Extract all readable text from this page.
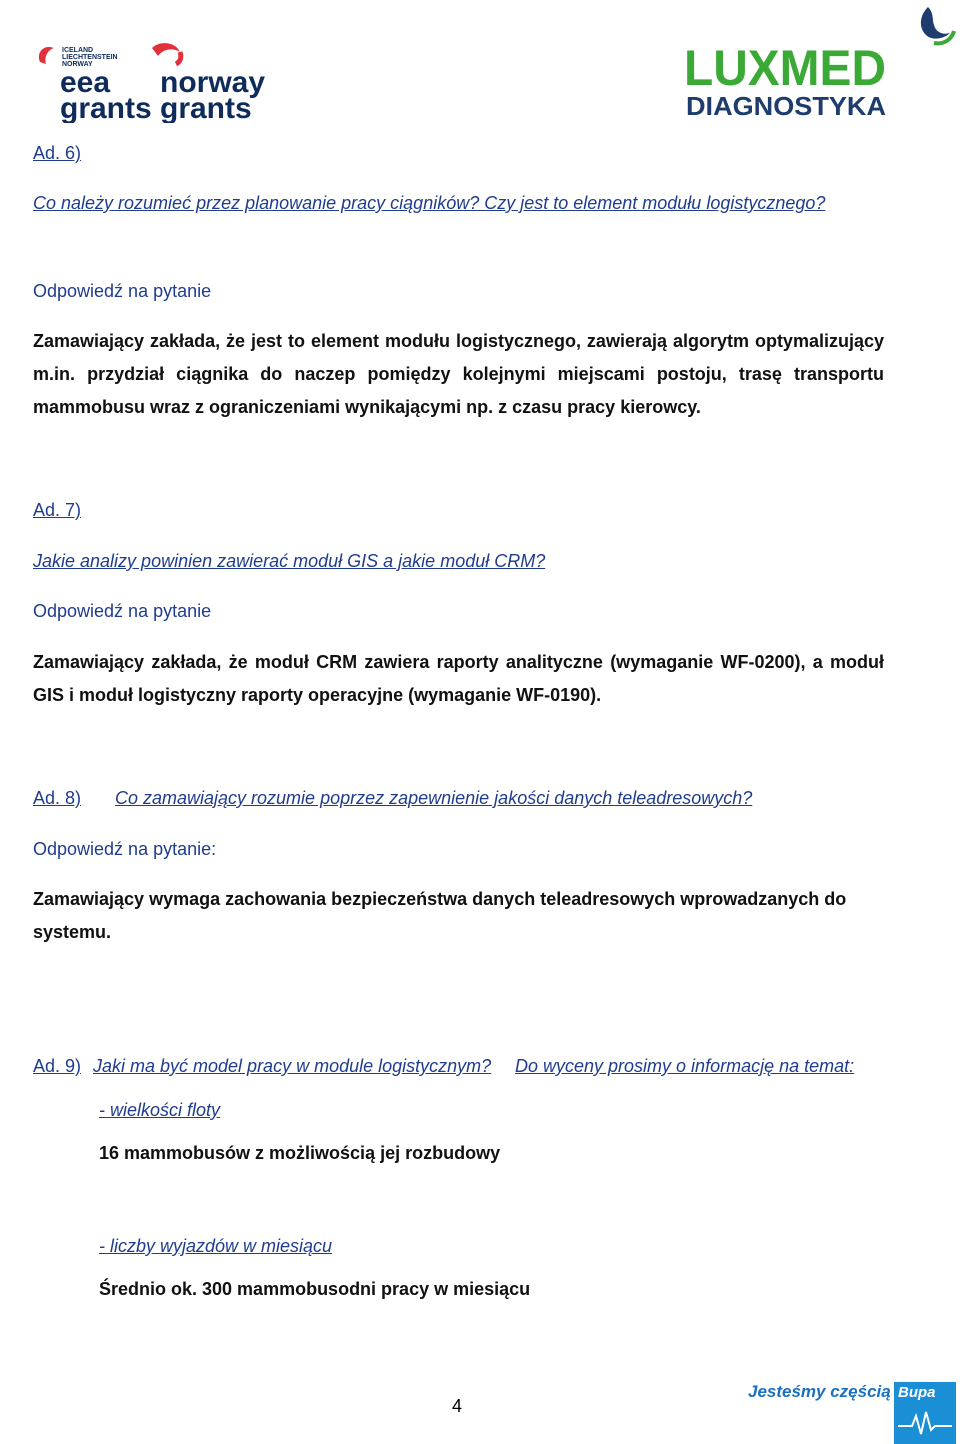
ICELAND
LIECHTENSTEIN
NORWAY
eea
grants
norway
grants
LUXMED
DIAGNOSTYKA
Ad. 6)
Co należy rozumieć przez planowanie pracy ciągników? Czy jest to element modułu logistycznego?
Odpowiedź na pytanie
Zamawiający zakłada, że jest to element modułu logistycznego, zawierają algorytm optymalizujący m.in. przydział ciągnika do naczep pomiędzy kolejnymi miejscami postoju, trasę transportu mammobusu wraz z ograniczeniami wynikającymi np. z czasu pracy kierowcy.
Ad. 7)
Jakie analizy powinien zawierać moduł GIS a jakie moduł CRM?
Odpowiedź na pytanie
Zamawiający zakłada, że moduł CRM zawiera raporty analityczne (wymaganie WF-0200), a moduł GIS i moduł logistyczny raporty operacyjne (wymaganie WF-0190).
Ad. 8) Co zamawiający rozumie poprzez zapewnienie jakości danych teleadresowych?
Odpowiedź na pytanie:
Zamawiający wymaga zachowania bezpieczeństwa danych teleadresowych wprowadzanych do systemu.
Ad. 9) Jaki ma być model pracy w module logistycznym? Do wyceny prosimy o informację na temat:
- wielkości floty
16 mammobusów z możliwością jej rozbudowy
- liczby wyjazdów w miesiącu
Średnio ok. 300 mammobusodni pracy w miesiącu
4
Jesteśmy częścią Bupa
